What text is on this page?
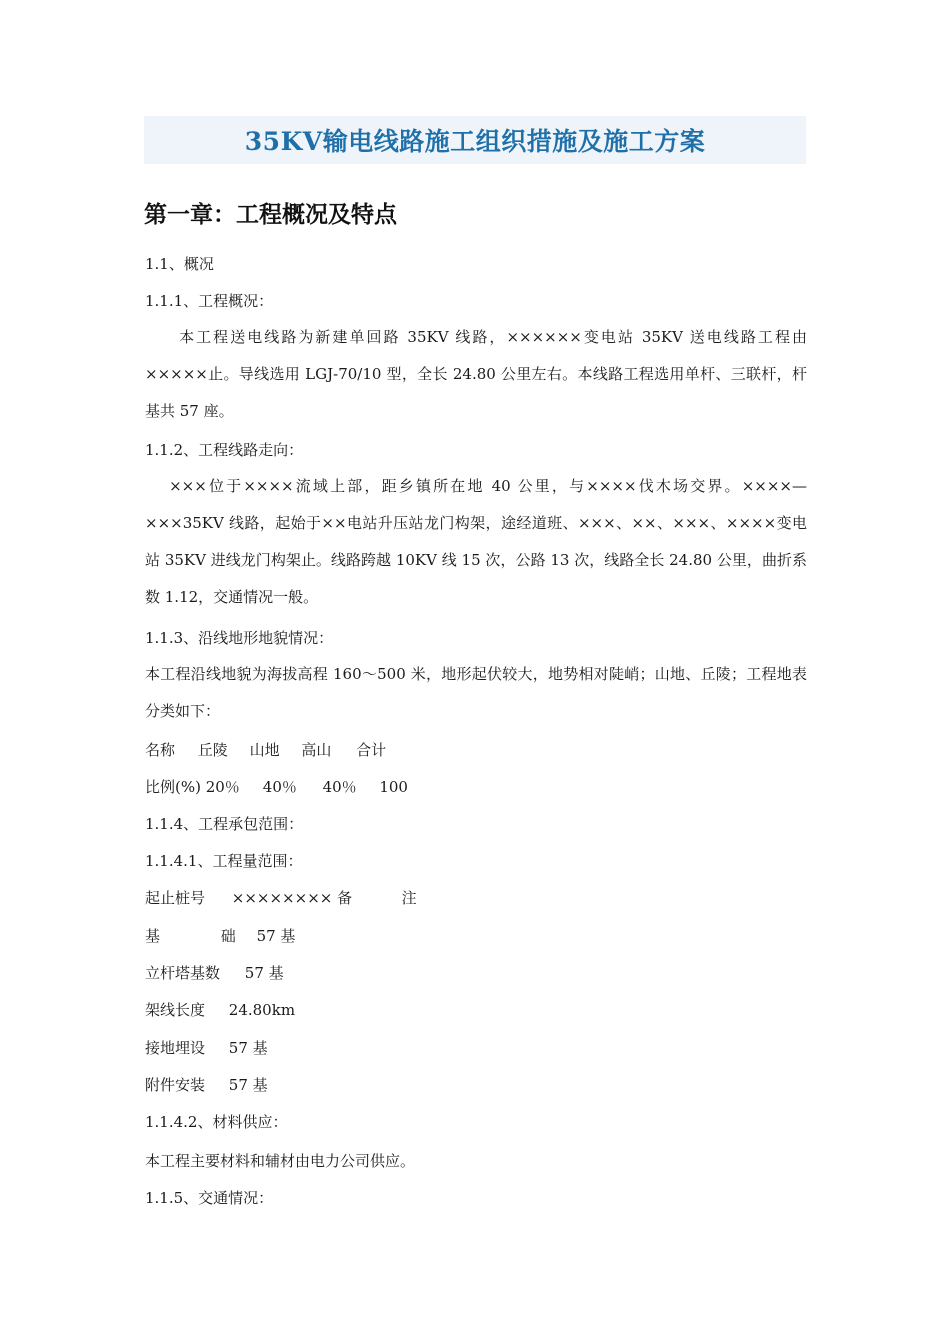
35KV输电线路施工组织措施及施工方案
第一章：工程概况及特点
1.1、概况
1.1.1、工程概况：
　　本工程送电线路为新建单回路 35KV 线路，××××××变电站 35KV 送电线路工程由
×××××止。导线选用 LGJ-70/10 型，全长 24.80 公里左右。本线路工程选用单杆、三联杆，杆
基共 57 座。
1.1.2、工程线路走向：
　 ×××位于××××流域上部，距乡镇所在地 40 公里，与××××伐木场交界。××××—
×××35KV 线路，起始于××电站升压站龙门构架，途经道班、×××、××、×××、××××变电
站 35KV 进线龙门构架止。线路跨越 10KV 线 15 次，公路 13 次，线路全长 24.80 公里，曲折系
数 1.12，交通情况一般。
1.1.3、沿线地形地貌情况：
本工程沿线地貌为海拔高程 160～500 米，地形起伏较大，地势相对陡峭；山地、丘陵；工程地表
分类如下：
名称 丘陵 山地 高山 合计
比例(%) 20％ 40％ 40％ 100
1.1.4、工程承包范围：
1.1.4.1、工程量范围：
起止桩号 ×××××××× 备	注
基	础 57 基
立杆塔基数 57 基
架线长度 24.80km
接地埋设 57 基
附件安装 57 基
1.1.4.2、材料供应：
本工程主要材料和辅材由电力公司供应。
1.1.5、交通情况：
